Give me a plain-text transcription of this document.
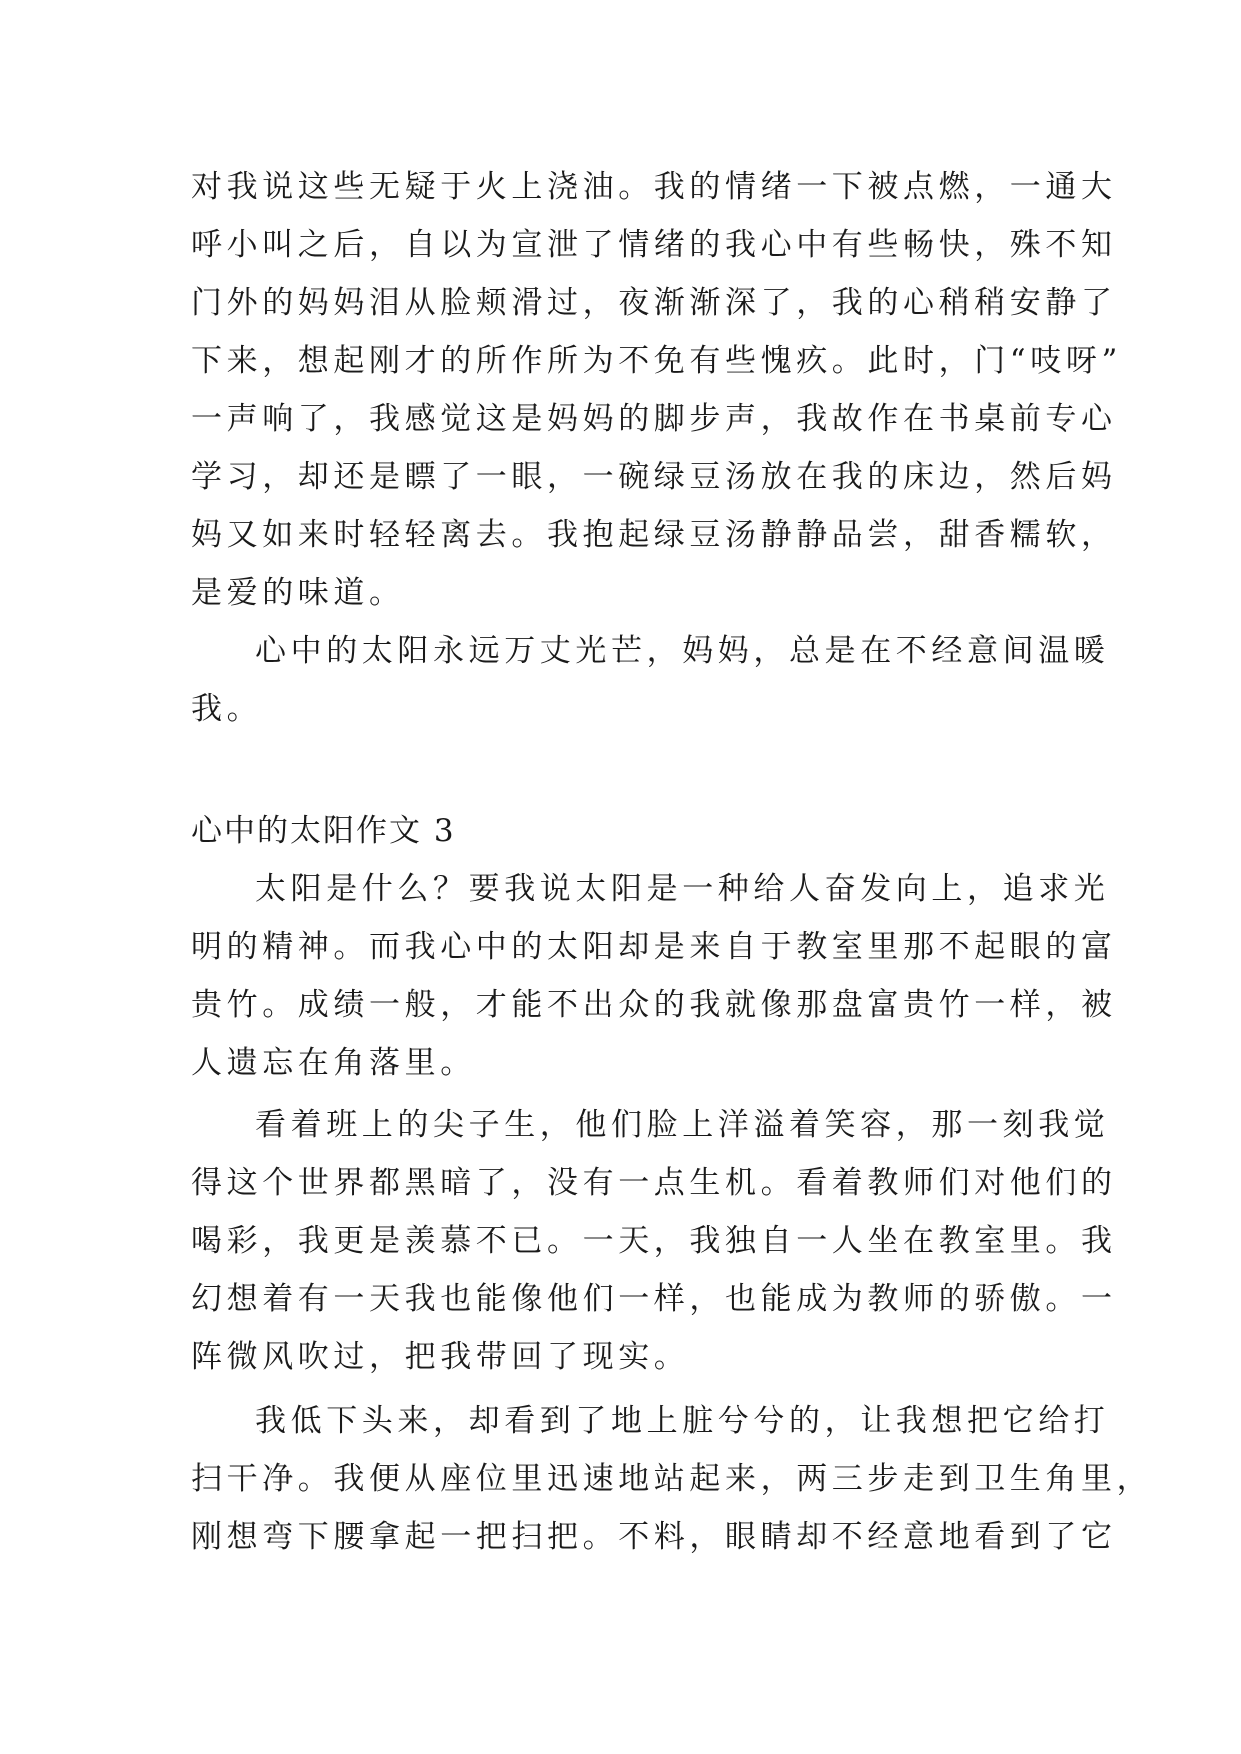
对我说这些无疑于火上浇油。我的情绪一下被点燃，一通大
呼小叫之后，自以为宣泄了情绪的我心中有些畅快，殊不知
门外的妈妈泪从脸颊滑过，夜渐渐深了，我的心稍稍安静了
下来，想起刚才的所作所为不免有些愧疚。此时，门“吱呀”
一声响了，我感觉这是妈妈的脚步声，我故作在书桌前专心
学习，却还是瞟了一眼，一碗绿豆汤放在我的床边，然后妈
妈又如来时轻轻离去。我抱起绿豆汤静静品尝，甜香糯软，
是爱的味道。
心中的太阳永远万丈光芒，妈妈，总是在不经意间温暖
我。
心中的太阳作文 3
太阳是什么？要我说太阳是一种给人奋发向上，追求光
明的精神。而我心中的太阳却是来自于教室里那不起眼的富
贵竹。成绩一般，才能不出众的我就像那盘富贵竹一样，被
人遗忘在角落里。
看着班上的尖子生，他们脸上洋溢着笑容，那一刻我觉
得这个世界都黑暗了，没有一点生机。看着教师们对他们的
喝彩，我更是羡慕不已。一天，我独自一人坐在教室里。我
幻想着有一天我也能像他们一样，也能成为教师的骄傲。一
阵微风吹过，把我带回了现实。
我低下头来，却看到了地上脏兮兮的，让我想把它给打
扫干净。我便从座位里迅速地站起来，两三步走到卫生角里，
刚想弯下腰拿起一把扫把。不料，眼睛却不经意地看到了它
